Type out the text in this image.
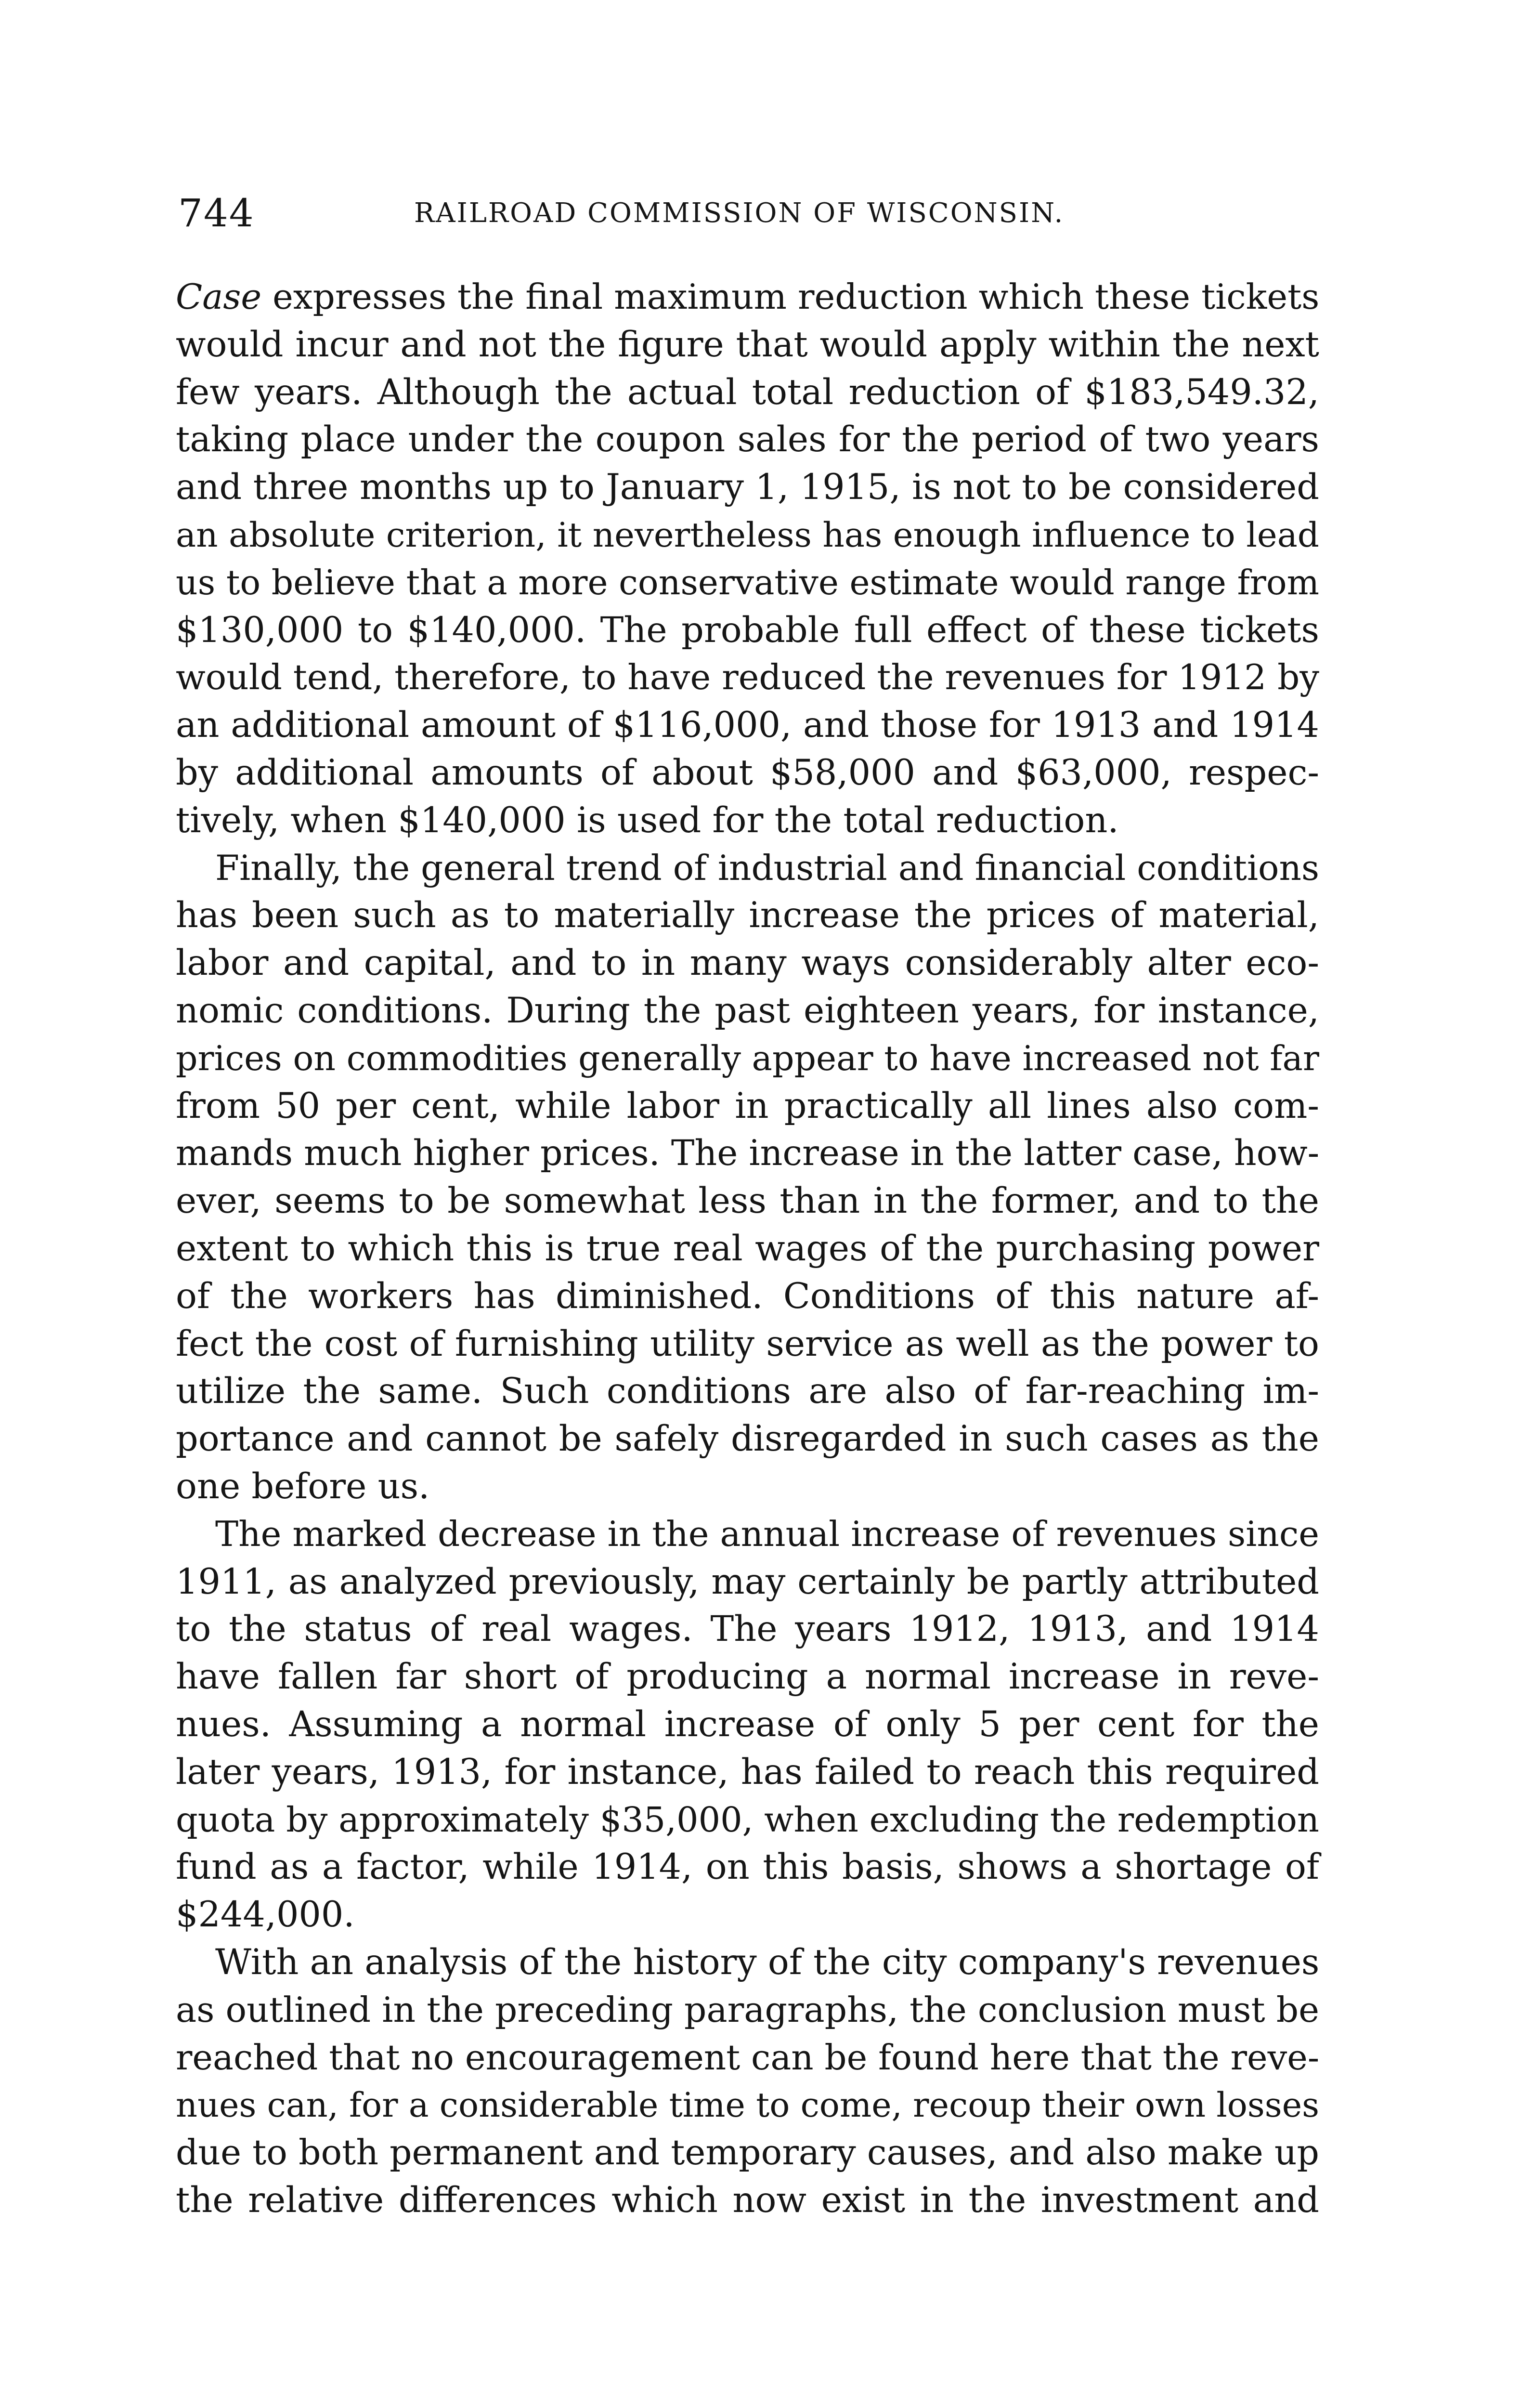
744	RAILROAD COMMISSION OF WISCONSIN.
Case expresses the final maximum reduction which these tickets
would incur and not the figure that would apply within the next
few years. Although the actual total reduction of $183,549.32,
taking place under the coupon sales for the period of two years
and three months up to January 1, 1915, is not to be considered
an absolute criterion, it nevertheless has enough influence to lead
us to believe that a more conservative estimate would range from
$130,000 to $140,000. The probable full effect of these tickets
would tend, therefore, to have reduced the revenues for 1912 by
an additional amount of $116,000, and those for 1913 and 1914
by additional amounts of about $58,000 and $63,000, respec-
tively, when $140,000 is used for the total reduction.
Finally, the general trend of industrial and financial conditions
has been such as to materially increase the prices of material,
labor and capital, and to in many ways considerably alter eco-
nomic conditions. During the past eighteen years, for instance,
prices on commodities generally appear to have increased not far
from 50 per cent, while labor in practically all lines also com-
mands much higher prices. The increase in the latter case, how-
ever, seems to be somewhat less than in the former, and to the
extent to which this is true real wages of the purchasing power
of the workers has diminished. Conditions of this nature af-
fect the cost of furnishing utility service as well as the power to
utilize the same. Such conditions are also of far-reaching im-
portance and cannot be safely disregarded in such cases as the
one before us.
The marked decrease in the annual increase of revenues since
1911, as analyzed previously, may certainly be partly attributed
to the status of real wages. The years 1912, 1913, and 1914
have fallen far short of producing a normal increase in reve-
nues. Assuming a normal increase of only 5 per cent for the
later years, 1913, for instance, has failed to reach this required
quota by approximately $35,000, when excluding the redemption
fund as a factor, while 1914, on this basis, shows a shortage of
$244,000.
With an analysis of the history of the city company's revenues
as outlined in the preceding paragraphs, the conclusion must be
reached that no encouragement can be found here that the reve-
nues can, for a considerable time to come, recoup their own losses
due to both permanent and temporary causes, and also make up
the relative differences which now exist in the investment and
